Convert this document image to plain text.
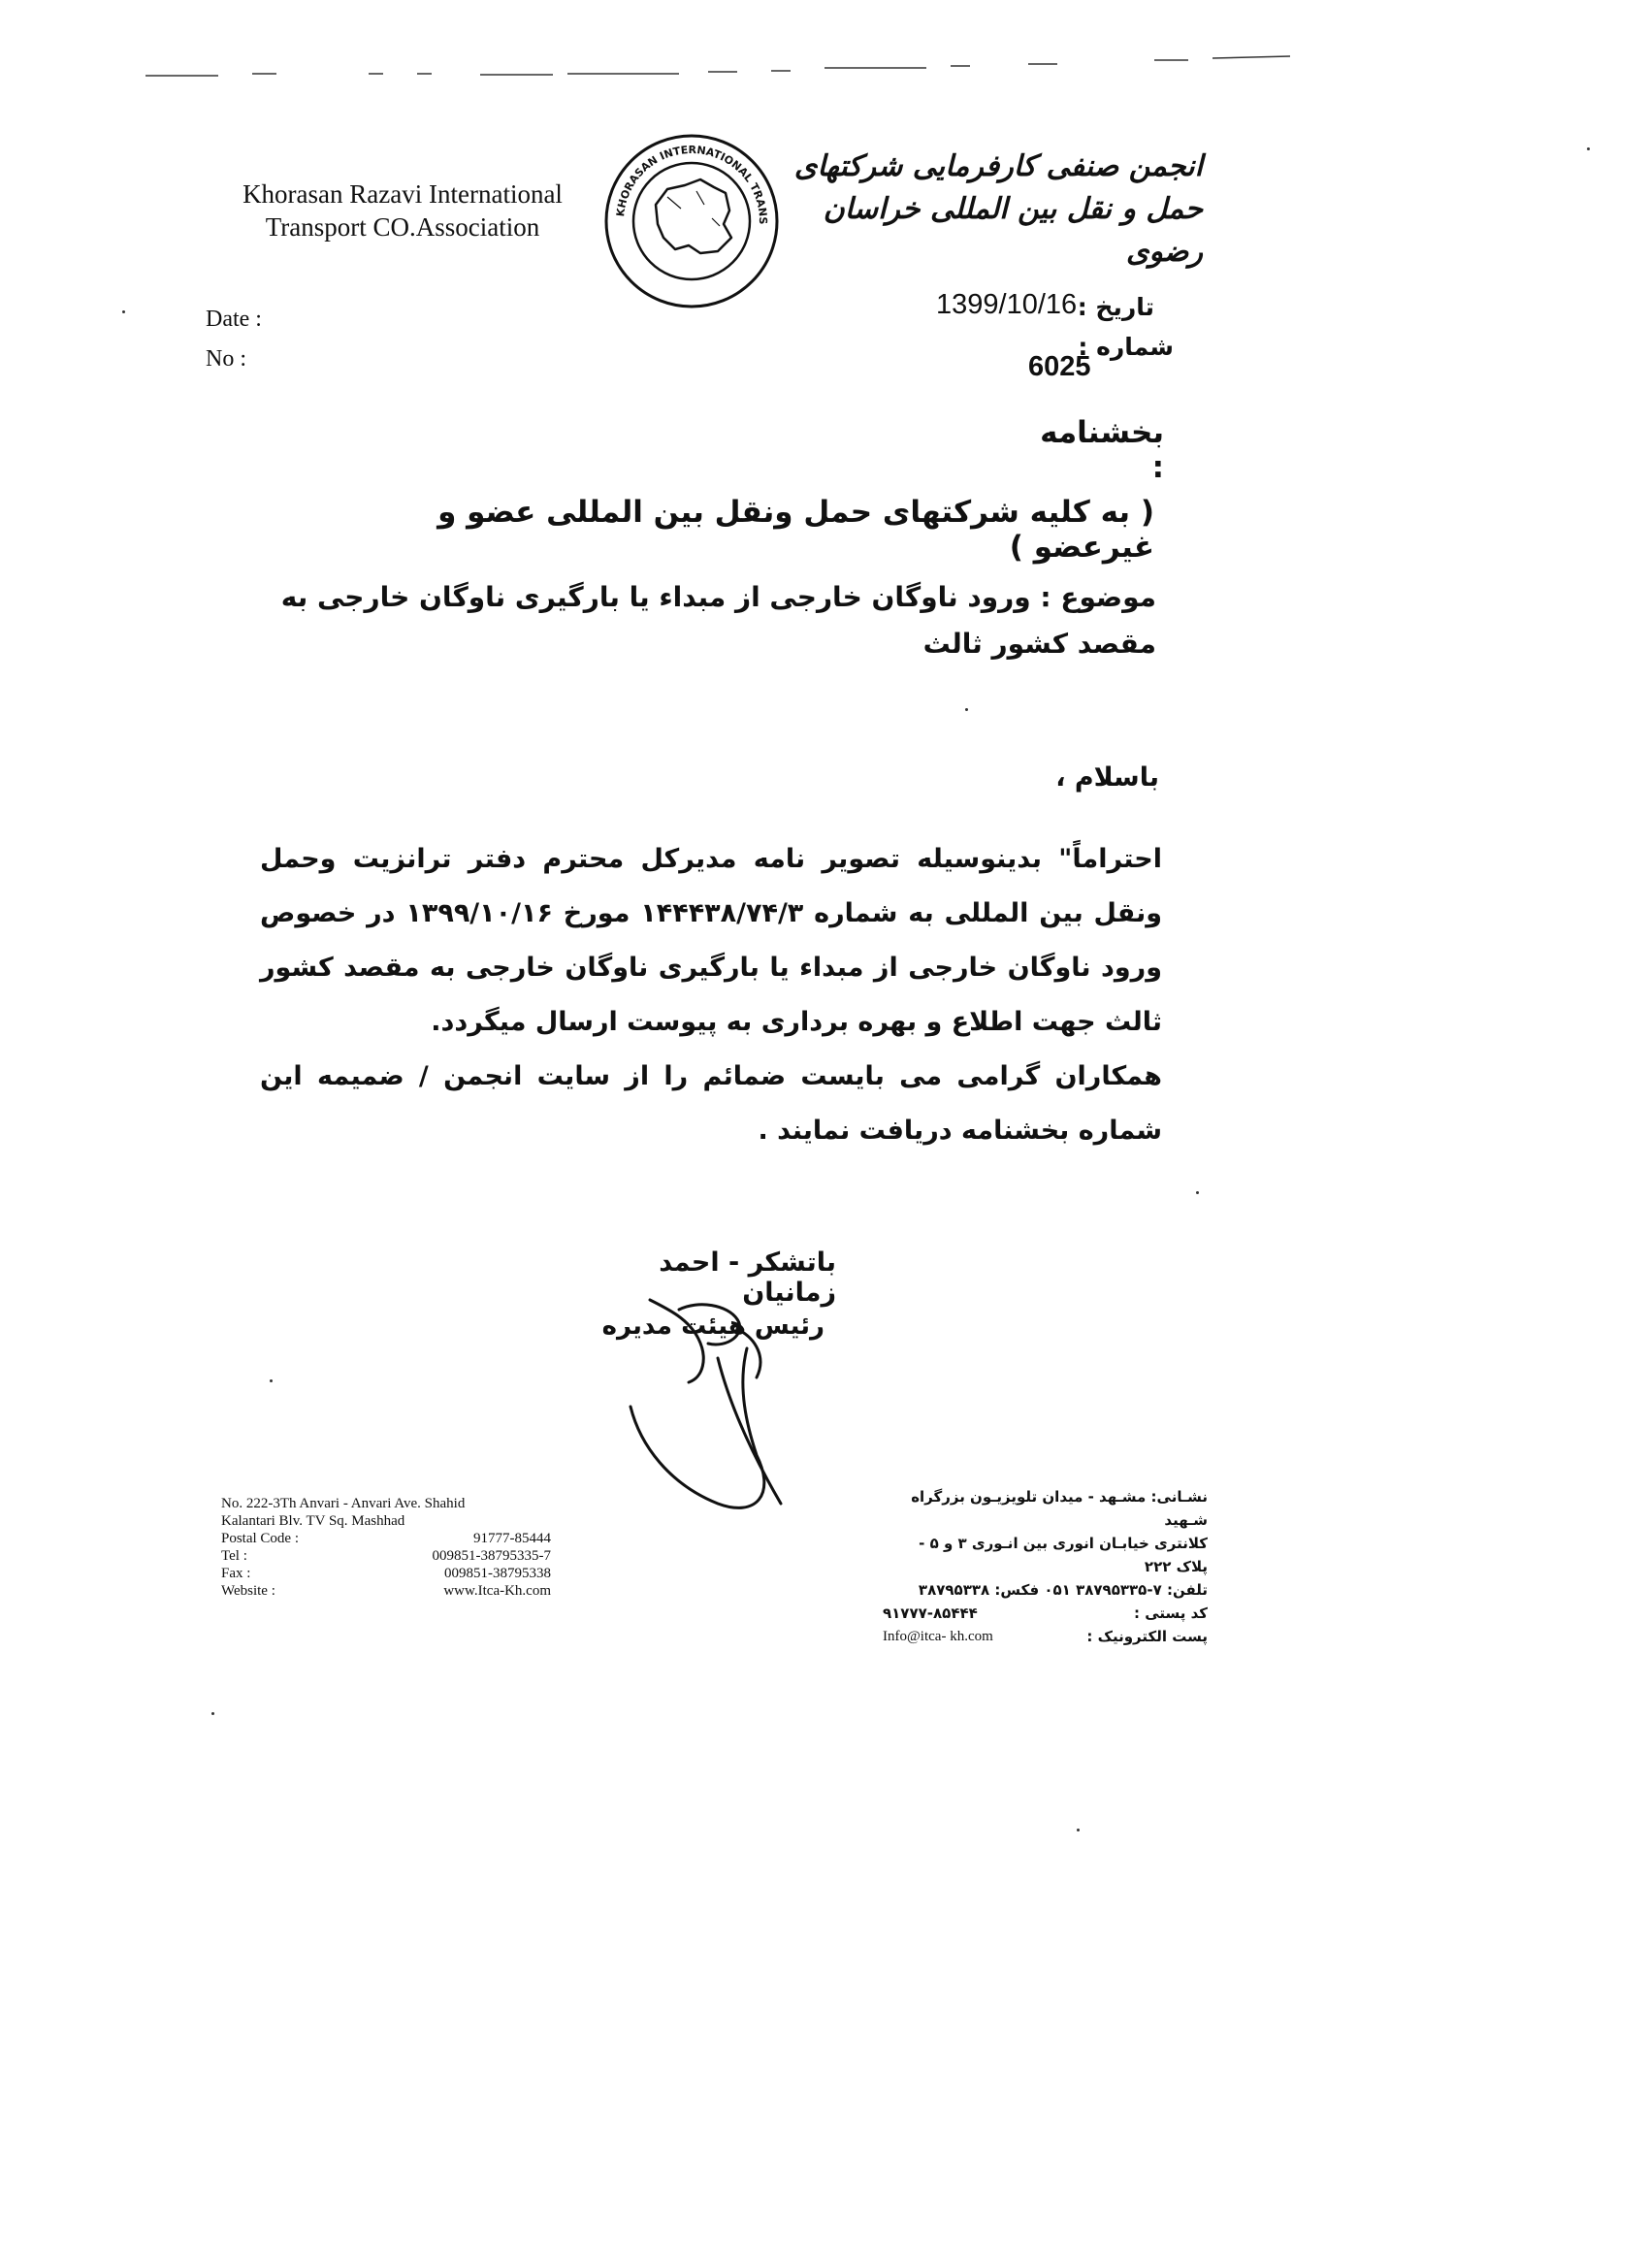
Khorasan Razavi International
Transport CO.Association	KHORASAN INTERNATIONAL TRANS
انجمن صنفی کارفرمایی شرکتهای حمل و نقل بین المللی خراسان رضوی
Date :
No :
تاریخ :
1399/10/16
شماره :
6025
بخشنامه :
( به کلیه شرکتهای حمل ونقل بین المللی عضو و غیرعضو )
موضوع : ورود ناوگان خارجی از مبداء یا بارگیری ناوگان خارجی به مقصد کشور ثالث
باسلام ،
احتراماً" بدینوسیله تصویر نامه مدیرکل محترم دفتر ترانزیت وحمل ونقل بین المللی به شماره ۱۴۴۴۳۸/۷۴/۳ مورخ ۱۳۹۹/۱۰/۱۶ در خصوص ورود ناوگان خارجی از مبداء یا بارگیری ناوگان خارجی به مقصد کشور ثالث جهت اطلاع و بهره برداری به پیوست ارسال میگردد.
همکاران گرامی می بایست ضمائم را از سایت انجمن / ضمیمه این شماره بخشنامه دریافت نمایند .
باتشکر - احمد زمانیان
رئیس هیئت مدیره
No. 222-3Th Anvari - Anvari Ave. Shahid
Kalantari Blv. TV Sq. Mashhad
Postal Code :	91777-85444
Tel :	009851-38795335-7
Fax :	009851-38795338
Website :	www.Itca-Kh.com
نشـانی: مشـهد - میدان تلویزیـون بزرگراه شـهید
کلانتری خیابـان انوری بین انـوری ۳ و ۵ - پلاک ۲۲۲
تلفن: ۷-۳۸۷۹۵۳۳۵ ۰۵۱ فکس: ۳۸۷۹۵۳۳۸
کد پستی :
۹۱۷۷۷-۸۵۴۴۴
پست الکترونیک :
Info@itca- kh.com
